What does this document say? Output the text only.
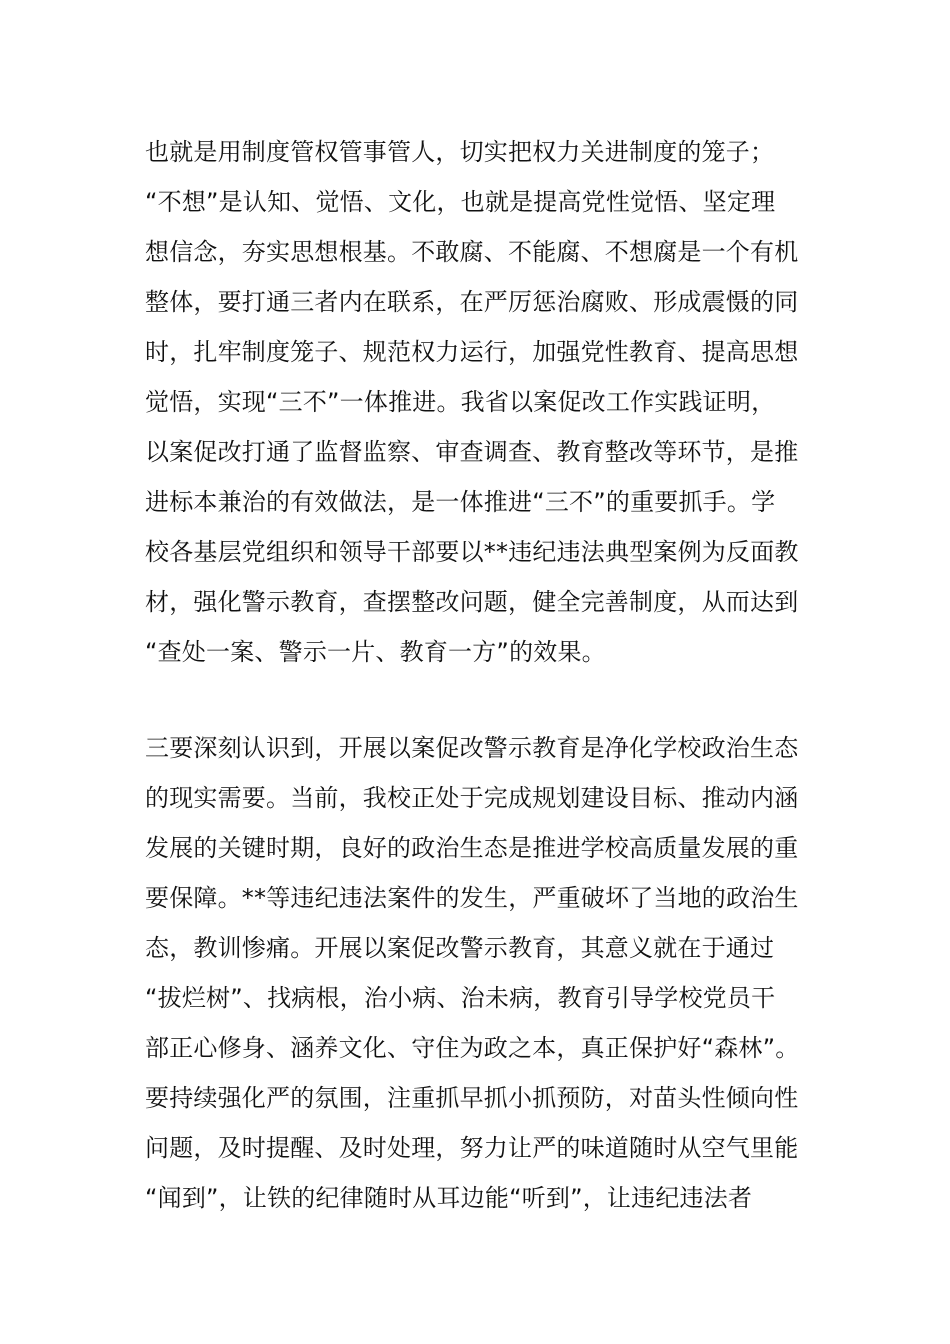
也就是用制度管权管事管人，切实把权力关进制度的笼子；
“不想”是认知、觉悟、文化，也就是提高党性觉悟、坚定理
想信念，夯实思想根基。不敢腐、不能腐、不想腐是一个有机
整体，要打通三者内在联系，在严厉惩治腐败、形成震慑的同
时，扎牢制度笼子、规范权力运行，加强党性教育、提高思想
觉悟，实现“三不”一体推进。我省以案促改工作实践证明，
以案促改打通了监督监察、审查调查、教育整改等环节，是推
进标本兼治的有效做法，是一体推进“三不”的重要抓手。学
校各基层党组织和领导干部要以**违纪违法典型案例为反面教
材，强化警示教育，查摆整改问题，健全完善制度，从而达到
“查处一案、警示一片、教育一方”的效果。
三要深刻认识到，开展以案促改警示教育是净化学校政治生态
的现实需要。当前，我校正处于完成规划建设目标、推动内涵
发展的关键时期，良好的政治生态是推进学校高质量发展的重
要保障。**等违纪违法案件的发生，严重破坏了当地的政治生
态，教训惨痛。开展以案促改警示教育，其意义就在于通过
“拔烂树”、找病根，治小病、治未病，教育引导学校党员干
部正心修身、涵养文化、守住为政之本，真正保护好“森林”。
要持续强化严的氛围，注重抓早抓小抓预防，对苗头性倾向性
问题，及时提醒、及时处理，努力让严的味道随时从空气里能
“闻到”，让铁的纪律随时从耳边能“听到”，让违纪违法者
